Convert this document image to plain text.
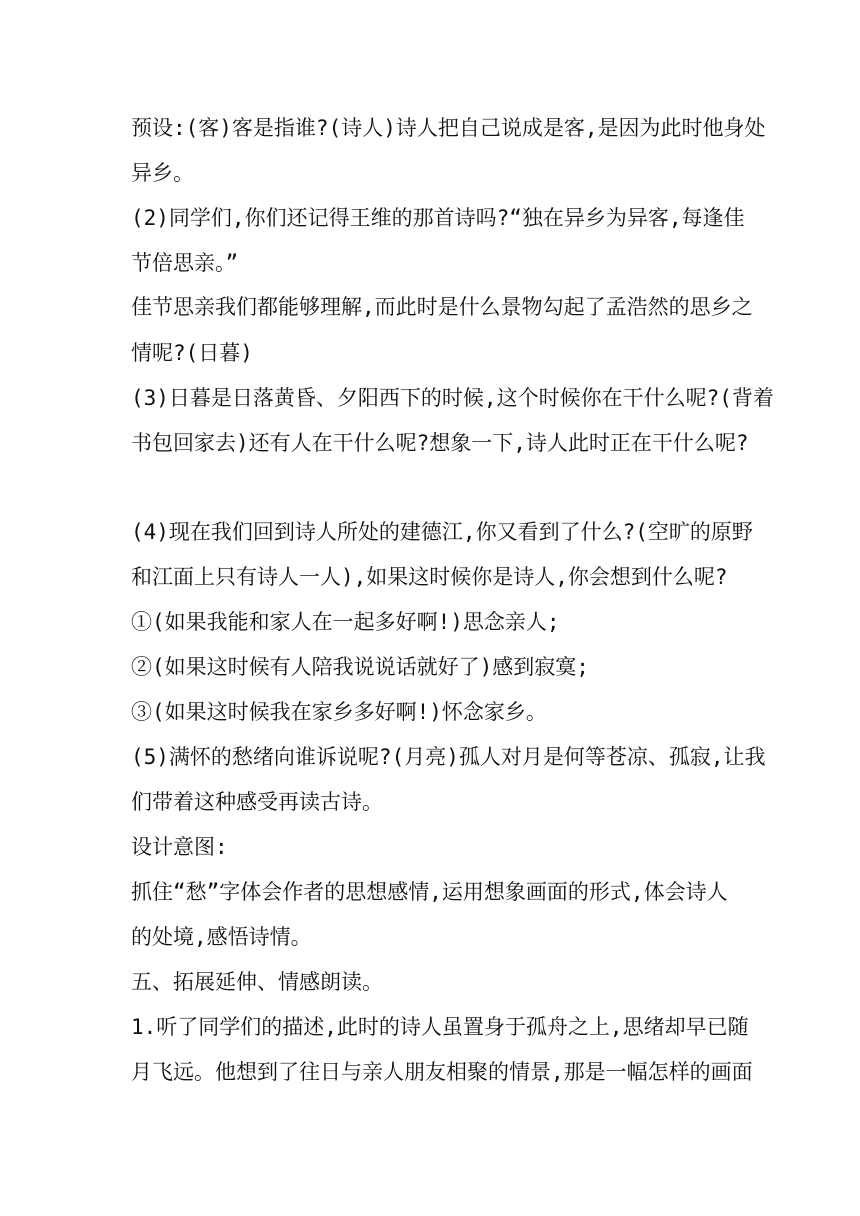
预设:(客)客是指谁?(诗人)诗人把自己说成是客,是因为此时他身处

异乡。

(2)同学们,你们还记得王维的那首诗吗?“独在异乡为异客,每逢佳

节倍思亲。”

佳节思亲我们都能够理解,而此时是什么景物勾起了孟浩然的思乡之

情呢?(日暮)

(3)日暮是日落黄昏、夕阳西下的时候,这个时候你在干什么呢?(背着

书包回家去)还有人在干什么呢?想象一下,诗人此时正在干什么呢?

(4)现在我们回到诗人所处的建德江,你又看到了什么?(空旷的原野

和江面上只有诗人一人),如果这时候你是诗人,你会想到什么呢?

①(如果我能和家人在一起多好啊!)思念亲人;

②(如果这时候有人陪我说说话就好了)感到寂寞;

③(如果这时候我在家乡多好啊!)怀念家乡。

(5)满怀的愁绪向谁诉说呢?(月亮)孤人对月是何等苍凉、孤寂,让我

们带着这种感受再读古诗。

设计意图:

抓住“愁”字体会作者的思想感情,运用想象画面的形式,体会诗人

的处境,感悟诗情。

五、拓展延伸、情感朗读。

1.听了同学们的描述,此时的诗人虽置身于孤舟之上,思绪却早已随

月飞远。他想到了往日与亲人朋友相聚的情景,那是一幅怎样的画面
